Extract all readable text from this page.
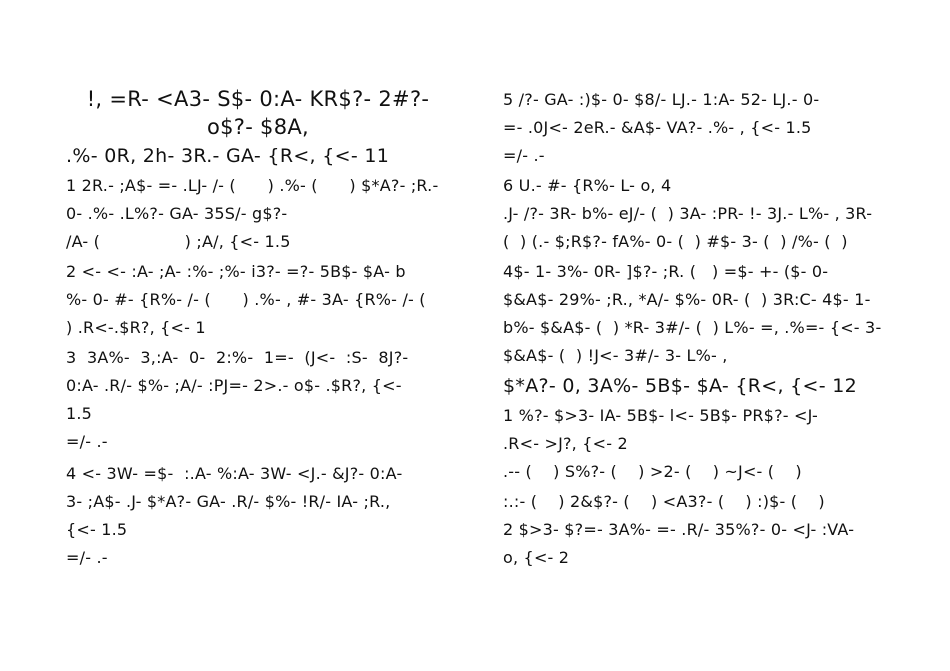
!, =R- <A3- S$- 0:A- KR$?- 2#?-
o$?- $8A,
.%- 0R, 2h- 3R.- GA- {R<, {<- 11
1 2R.- ;A$- =- .LJ- /- (      ) .%- (      ) $*A?- ;R.-
0- .%- .L%?- GA- 35S/- g$?-
/A- (                ) ;A/, {<- 1.5
2 <- <- :A- ;A- :%- ;%- i3?- =?- 5B$- $A- b
%- 0- #- {R%- /- (      ) .%- , #- 3A- {R%- /- (
) .R<-.$R?, {<- 1
3  3A%-  3,:A-  0-  2:%-  1=-  (J<-  :S-  8J?-
0:A- .R/- $%- ;A/- :PJ=- 2>.- o$- .$R?, {<-
1.5
=/- .-
4 <- 3W- =$-  :.A- %:A- 3W- <J.- &J?- 0:A-
3- ;A$- .J- $*A?- GA- .R/- $%- !R/- IA- ;R.,
{<- 1.5
=/- .-
5 /?- GA- :)$- 0- $8/- LJ.- 1:A- 52- LJ.- 0-
=- .0J<- 2eR.- &A$- VA?- .%- , {<- 1.5
=/- .-
6 U.- #- {R%- L- o, 4
.J- /?- 3R- b%- eJ/- (  ) 3A- :PR- !- 3J.- L%- , 3R-
(  ) (.- $;R$?- fA%- 0- (  ) #$- 3- (  ) /%- (  )
4$- 1- 3%- 0R- ]$?- ;R. (   ) =$- +- ($- 0-
$&A$- 29%- ;R., *A/- $%- 0R- (  ) 3R:C- 4$- 1-
b%- $&A$- (  ) *R- 3#/- (  ) L%- =, .%=- {<- 3-
$&A$- (  ) !J<- 3#/- 3- L%- ,
$*A?- 0, 3A%- 5B$- $A- {R<, {<- 12
1 %?- $>3- IA- 5B$- l<- 5B$- PR$?- <J-
.R<- >J?, {<- 2
.-- (    ) S%?- (    ) >2- (    ) ~J<- (    )
:.:- (    ) 2&$?- (    ) <A3?- (    ) :)$- (    )
2 $>3- $?=- 3A%- =- .R/- 35%?- 0- <J- :VA-
o, {<- 2
